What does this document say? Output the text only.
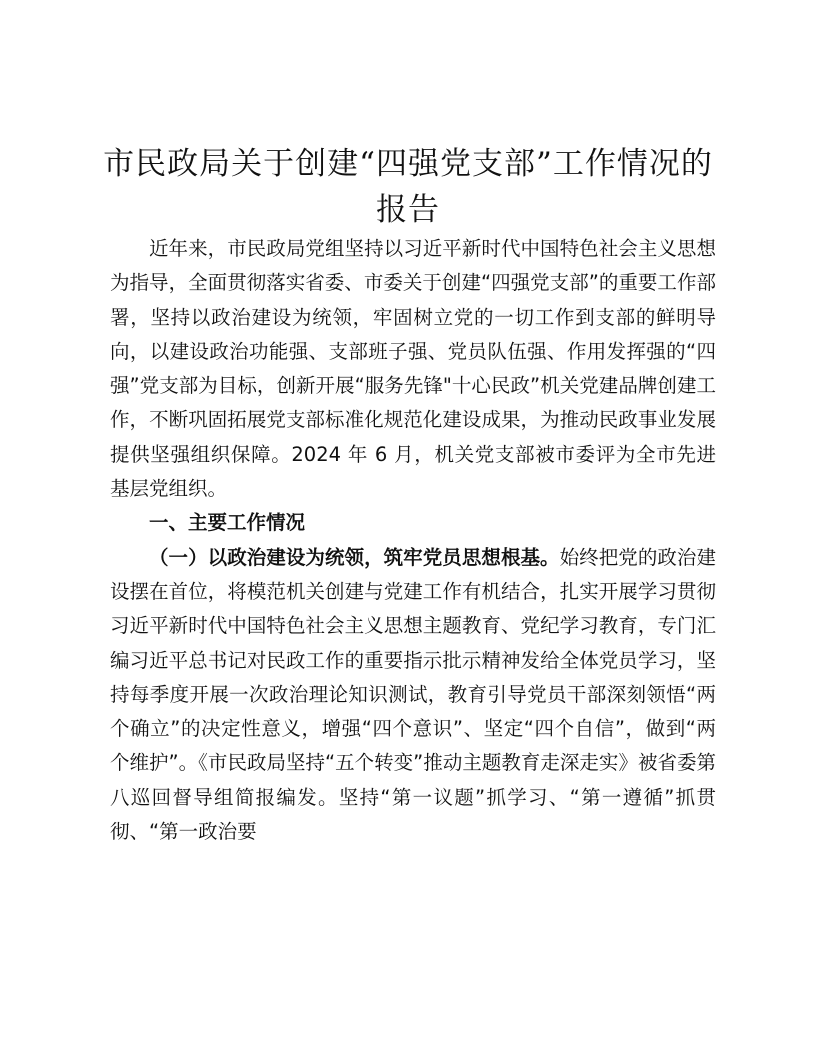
市民政局关于创建“四强党支部”工作情况的
报告

近年来，市民政局党组坚持以习近平新时代中国特色社会主义思想为指导，全面贯彻落实省委、市委关于创建“四强党支部”的重要工作部署，坚持以政治建设为统领，牢固树立党的一切工作到支部的鲜明导向，以建设政治功能强、支部班子强、党员队伍强、作用发挥强的“四强”党支部为目标，创新开展“服务先锋"十心民政”机关党建品牌创建工作，不断巩固拓展党支部标准化规范化建设成果，为推动民政事业发展提供坚强组织保障。2024 年 6 月，机关党支部被市委评为全市先进基层党组织。

一、主要工作情况

（一）以政治建设为统领，筑牢党员思想根基。始终把党的政治建设摆在首位，将模范机关创建与党建工作有机结合，扎实开展学习贯彻习近平新时代中国特色社会主义思想主题教育、党纪学习教育，专门汇编习近平总书记对民政工作的重要指示批示精神发给全体党员学习，坚持每季度开展一次政治理论知识测试，教育引导党员干部深刻领悟“两个确立”的决定性意义，增强“四个意识”、坚定“四个自信”，做到“两个维护”。《市民政局坚持“五个转变”推动主题教育走深走实》被省委第八巡回督导组简报编发。坚持“第一议题”抓学习、“第一遵循”抓贯彻、“第一政治要
